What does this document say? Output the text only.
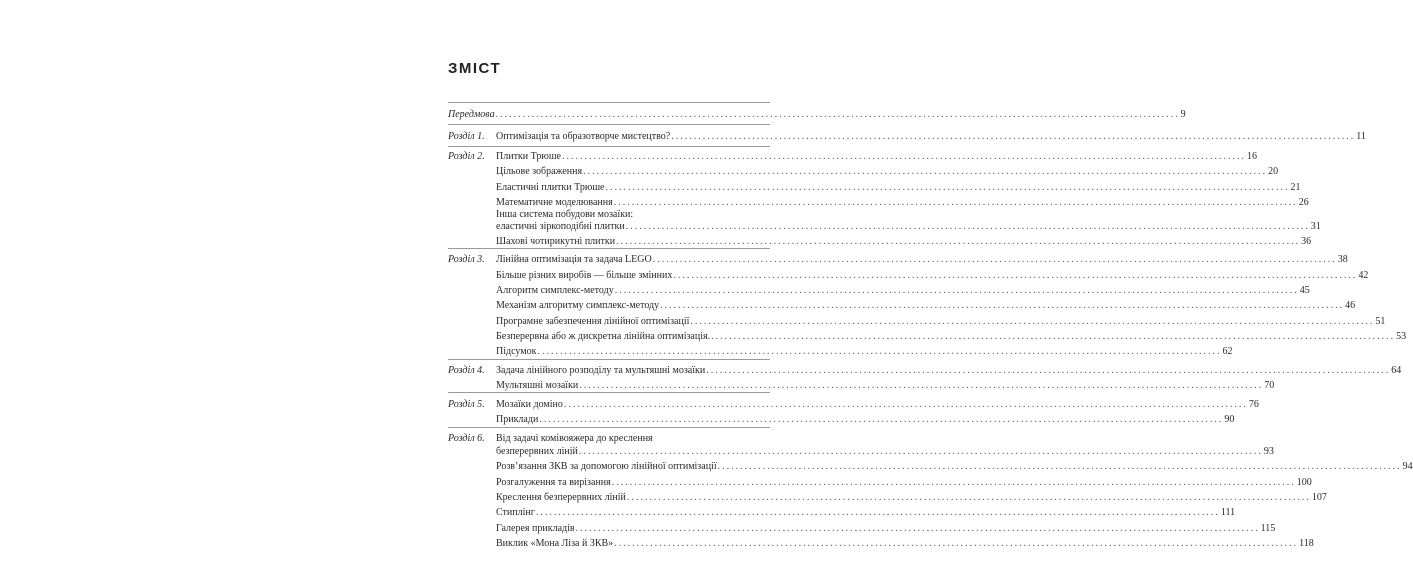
ЗМІСТ
Передмова ........................................................................................................................................................ 9
Розділ 1. Оптимізація та образотворче мистецтво? ........................................................................................................................................................ 11
Розділ 2. Плитки Трюше ........................................................................................................................................................ 16
Цільове зображення ........................................................................................................................................................ 20
Еластичні плитки Трюше ........................................................................................................................................................ 21
Математичне моделювання ........................................................................................................................................................ 26
Інша система побудови мозаїки:
еластичні зіркоподібні плитки ........................................................................................................................................................ 31
Шахові чотирикутні плитки ........................................................................................................................................................ 36
Розділ 3. Лінійна оптимізація та задача LEGO ........................................................................................................................................................ 38
Більше різних виробів — більше змінних ........................................................................................................................................................ 42
Алгоритм симплекс-методу ........................................................................................................................................................ 45
Механізм алгоритму симплекс-методу ........................................................................................................................................................ 46
Програмне забезпечення лінійної оптимізації ........................................................................................................................................................ 51
Безперервна або ж дискретна лінійна оптимізація. ........................................................................................................................................................ 53
Підсумок ........................................................................................................................................................ 62
Розділ 4. Задача лінійного розподілу та мультяшні мозаїки ........................................................................................................................................................ 64
Мультяшні мозаїки ........................................................................................................................................................ 70
Розділ 5. Мозаїки доміно ........................................................................................................................................................ 76
Приклади ........................................................................................................................................................ 90
Розділ 6. Від задачі комівояжера до креслення
безперервних ліній ........................................................................................................................................................ 93
Розв’язання ЗКВ за допомогою лінійної оптимізації ........................................................................................................................................................ 94
Розгалуження та вирізання ........................................................................................................................................................ 100
Креслення безперервних ліній ........................................................................................................................................................ 107
Стиплінг ........................................................................................................................................................ 111
Галерея прикладів ........................................................................................................................................................ 115
Виклик «Мона Ліза й ЗКВ» ........................................................................................................................................................ 118
